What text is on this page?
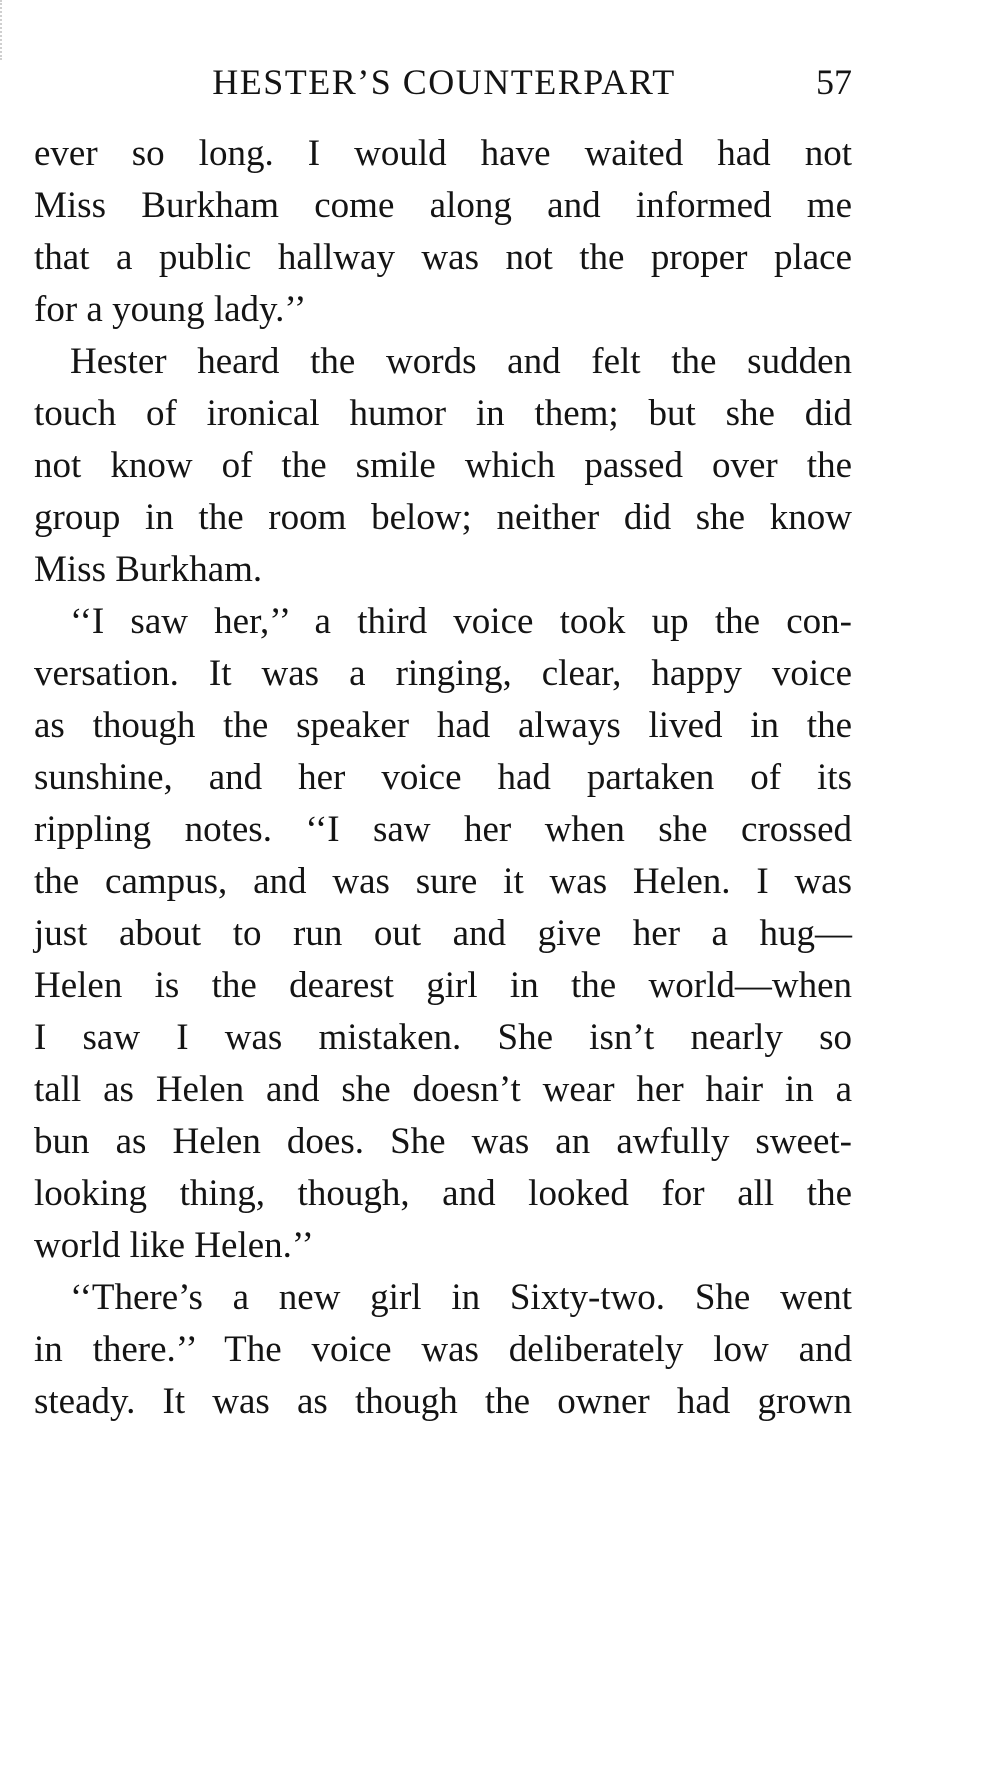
HESTER’S COUNTERPART	57
ever so long. I would have waited had not
Miss Burkham come along and informed me
that a public hallway was not the proper place
for a young lady.’’
Hester heard the words and felt the sudden
touch of ironical humor in them; but she did
not know of the smile which passed over the
group in the room below; neither did she know
Miss Burkham.
‘‘I saw her,’’ a third voice took up the con-
versation. It was a ringing, clear, happy voice
as though the speaker had always lived in the
sunshine, and her voice had partaken of its
rippling notes. ‘‘I saw her when she crossed
the campus, and was sure it was Helen. I was
just about to run out and give her a hug—
Helen is the dearest girl in the world—when
I saw I was mistaken. She isn’t nearly so
tall as Helen and she doesn’t wear her hair in a
bun as Helen does. She was an awfully sweet-
looking thing, though, and looked for all the
world like Helen.’’
‘‘There’s a new girl in Sixty-two. She went
in there.’’ The voice was deliberately low and
steady. It was as though the owner had grown
